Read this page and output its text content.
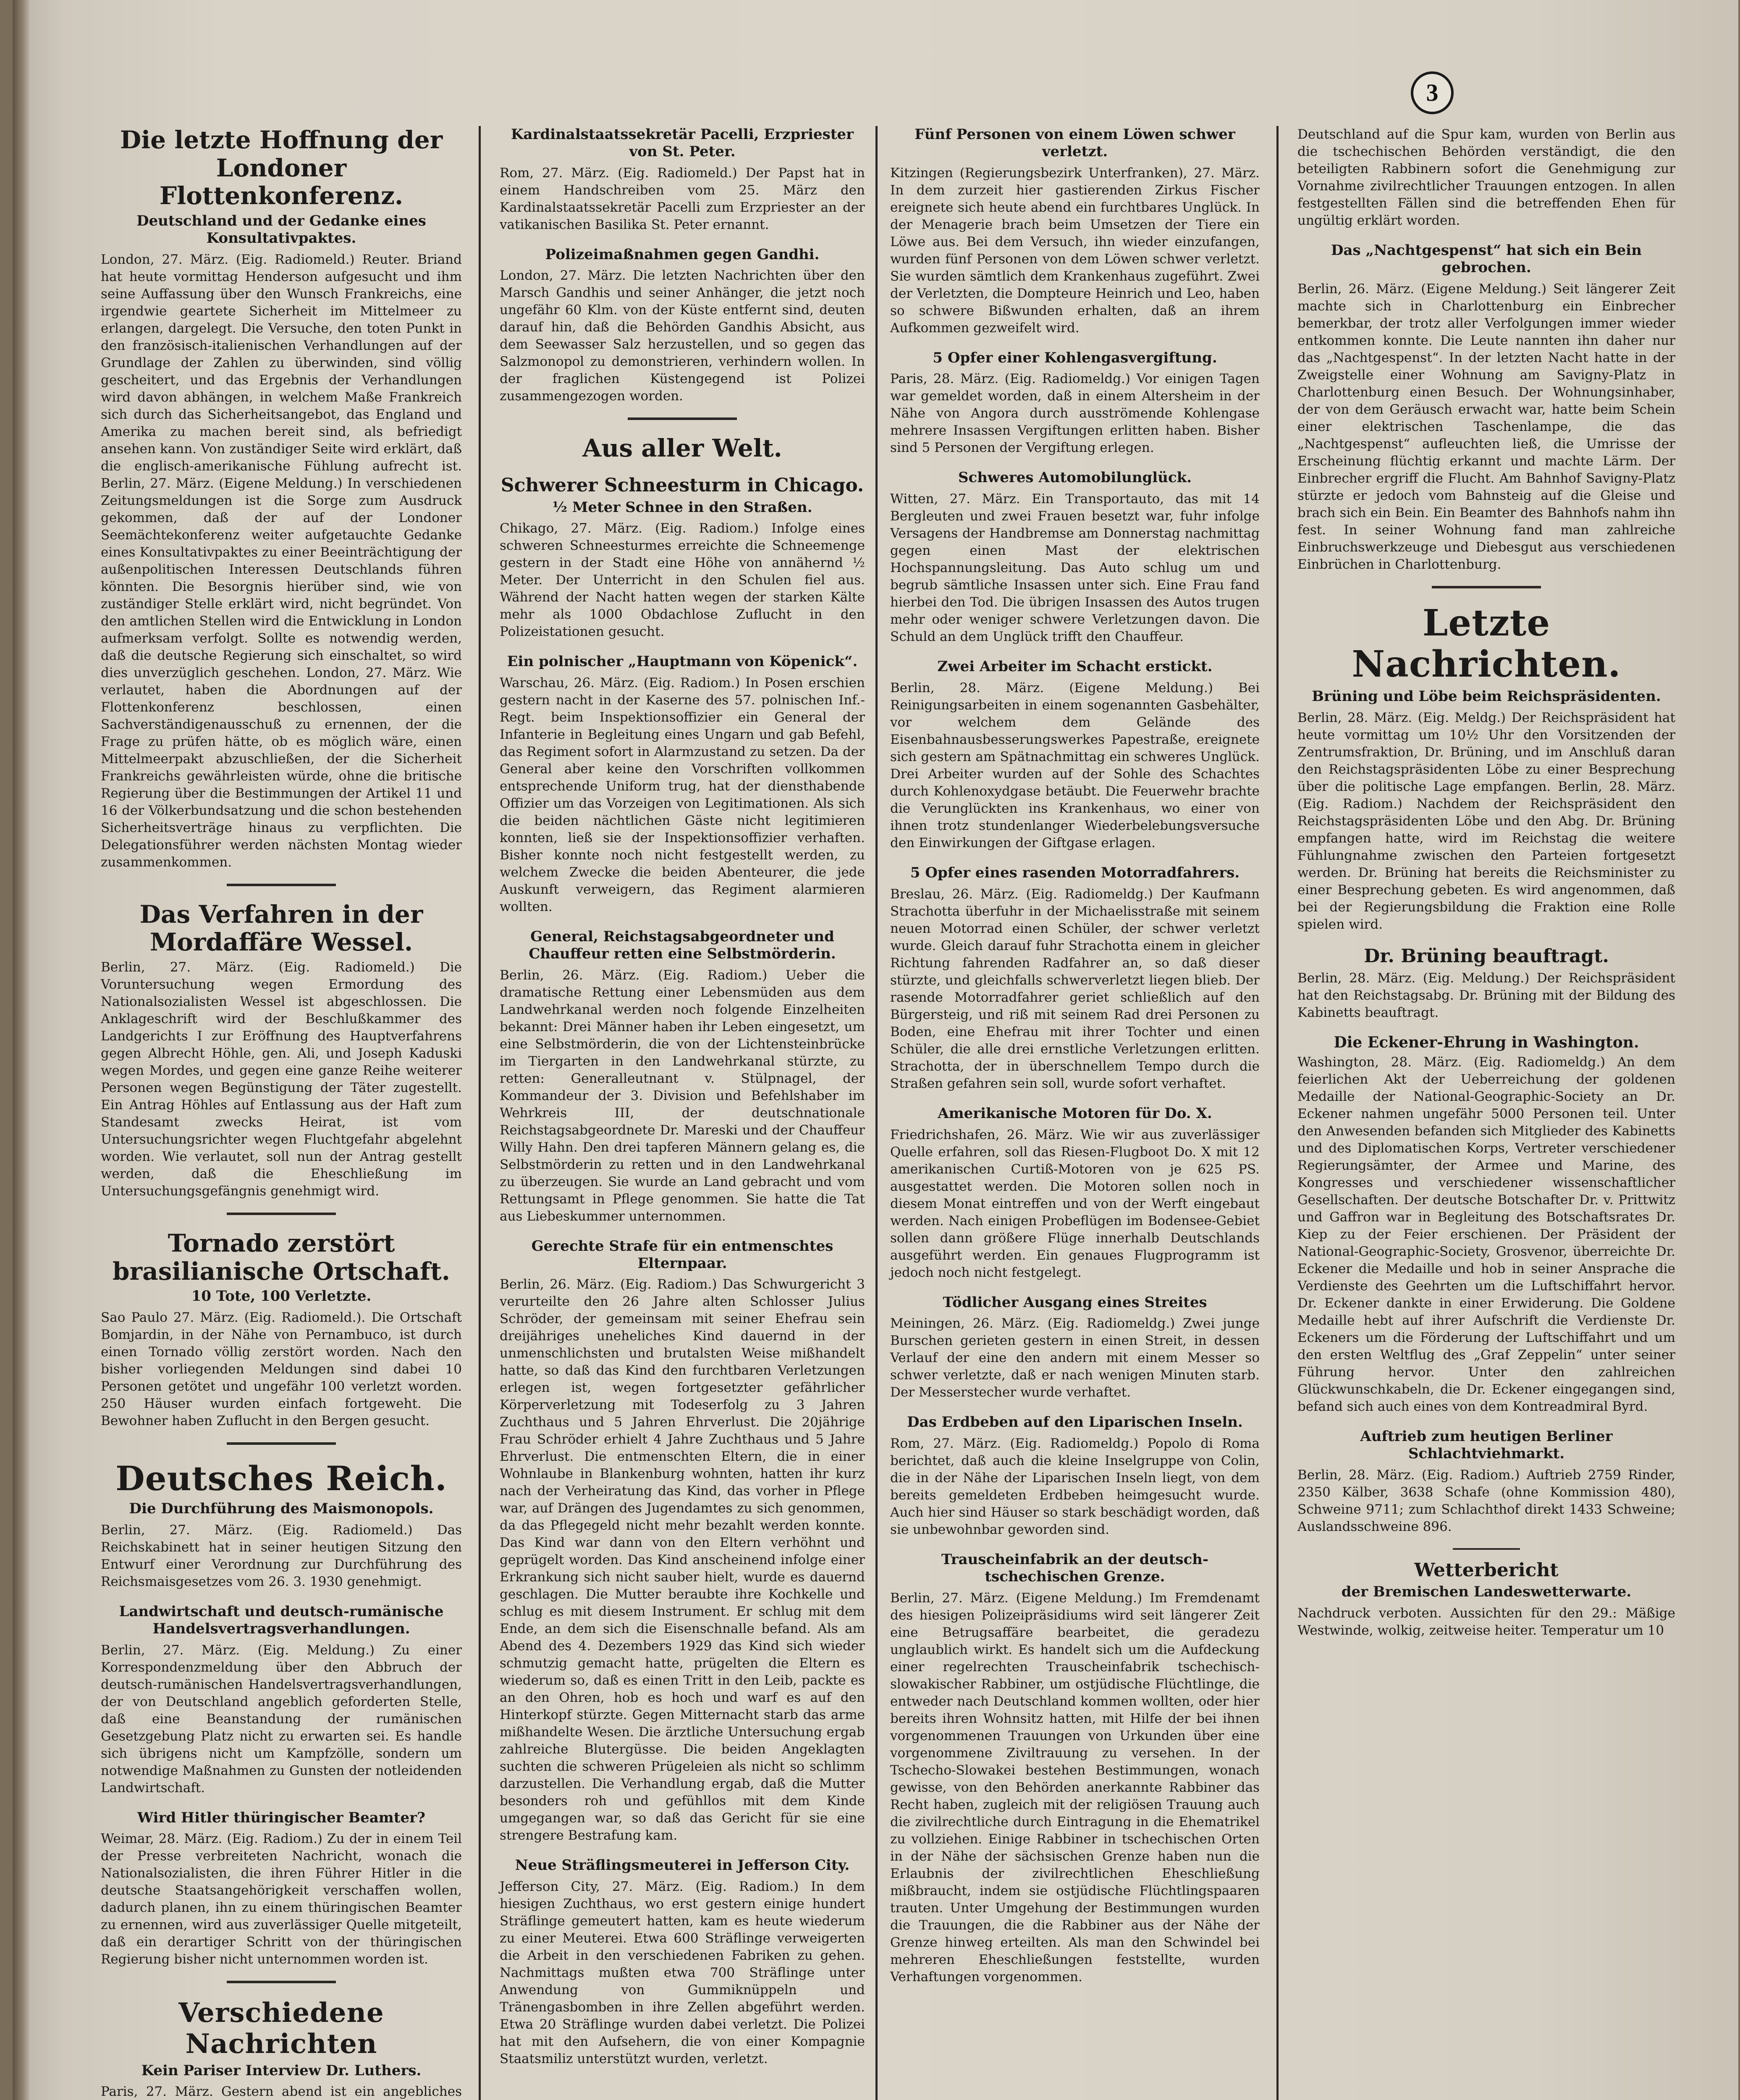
3
Die letzte Hoffnung der Londoner Flottenkonferenz.
Deutschland und der Gedanke eines Konsultativpaktes.

London, 27. März. (Eig. Radiomeld.) Reuter. Briand hat heute vormittag Henderson aufgesucht und ihm seine Auffassung über den Wunsch Frankreichs, eine irgendwie geartete Sicherheit im Mittelmeer zu erlangen, dargelegt. Die Versuche, den toten Punkt in den französisch-italienischen Verhandlungen auf der Grundlage der Zahlen zu überwinden, sind völlig gescheitert, und das Ergebnis der Verhandlungen wird davon abhängen, in welchem Maße Frankreich sich durch das Sicherheitsangebot, das England und Amerika zu machen bereit sind, als befriedigt ansehen kann. Von zuständiger Seite wird erklärt, daß die englisch-amerikanische Fühlung aufrecht ist. Berlin, 27. März. (Eigene Meldung.) In verschiedenen Zeitungsmeldungen ist die Sorge zum Ausdruck gekommen, daß der auf der Londoner Seemächtekonferenz weiter aufgetauchte Gedanke eines Konsultativpaktes zu einer Beeinträchtigung der außenpolitischen Interessen Deutschlands führen könnten. Die Besorgnis hierüber sind, wie von zuständiger Stelle erklärt wird, nicht begründet. Von den amtlichen Stellen wird die Entwicklung in London aufmerksam verfolgt. Sollte es notwendig werden, daß die deutsche Regierung sich einschaltet, so wird dies unverzüglich geschehen. London, 27. März. Wie verlautet, haben die Abordnungen auf der Flottenkonferenz beschlossen, einen Sachverständigenausschuß zu ernennen, der die Frage zu prüfen hätte, ob es möglich wäre, einen Mittelmeerpakt abzuschließen, der die Sicherheit Frankreichs gewährleisten würde, ohne die britische Regierung über die Bestimmungen der Artikel 11 und 16 der Völkerbundsatzung und die schon bestehenden Sicherheitsverträge hinaus zu verpflichten. Die Delegationsführer werden nächsten Montag wieder zusammenkommen.

Das Verfahren in der Mordaffäre Wessel.

Berlin, 27. März. (Eig. Radiomeld.) Die Voruntersuchung wegen Ermordung des Nationalsozialisten Wessel ist abgeschlossen. Die Anklageschrift wird der Beschlußkammer des Landgerichts I zur Eröffnung des Hauptverfahrens gegen Albrecht Höhle, gen. Ali, und Joseph Kaduski wegen Mordes, und gegen eine ganze Reihe weiterer Personen wegen Begünstigung der Täter zugestellt. Ein Antrag Höhles auf Entlassung aus der Haft zum Standesamt zwecks Heirat, ist vom Untersuchungsrichter wegen Fluchtgefahr abgelehnt worden. Wie verlautet, soll nun der Antrag gestellt werden, daß die Eheschließung im Untersuchungsgefängnis genehmigt wird.

Tornado zerstört brasilianische Ortschaft.
10 Tote, 100 Verletzte.

Sao Paulo 27. März. (Eig. Radiomeld.). Die Ortschaft Bomjardin, in der Nähe von Pernambuco, ist durch einen Tornado völlig zerstört worden. Nach den bisher vorliegenden Meldungen sind dabei 10 Personen getötet und ungefähr 100 verletzt worden. 250 Häuser wurden einfach fortgeweht. Die Bewohner haben Zuflucht in den Bergen gesucht.

Deutsches Reich.
Die Durchführung des Maismonopols.

Berlin, 27. März. (Eig. Radiomeld.) Das Reichskabinett hat in seiner heutigen Sitzung den Entwurf einer Verordnung zur Durchführung des Reichsmaisgesetzes vom 26. 3. 1930 genehmigt.

Landwirtschaft und deutsch-rumänische Handelsvertragsverhandlungen.

Berlin, 27. März. (Eig. Meldung.) Zu einer Korrespondenzmeldung über den Abbruch der deutsch-rumänischen Handelsvertragsverhandlungen, der von Deutschland angeblich geforderten Stelle, daß eine Beanstandung der rumänischen Gesetzgebung Platz nicht zu erwarten sei. Es handle sich übrigens nicht um Kampfzölle, sondern um notwendige Maßnahmen zu Gunsten der notleidenden Landwirtschaft.

Wird Hitler thüringischer Beamter?

Weimar, 28. März. (Eig. Radiom.) Zu der in einem Teil der Presse verbreiteten Nachricht, wonach die Nationalsozialisten, die ihren Führer Hitler in die deutsche Staatsangehörigkeit verschaffen wollen, dadurch planen, ihn zu einem thüringischen Beamter zu ernennen, wird aus zuverlässiger Quelle mitgeteilt, daß ein derartiger Schritt von der thüringischen Regierung bisher nicht unternommen worden ist.

Verschiedene Nachrichten
Kein Pariser Interview Dr. Luthers.

Paris, 27. März. Gestern abend ist ein angebliches

Kardinalstaatssekretär Pacelli, Erzpriester von St. Peter.

Rom, 27. März. (Eig. Radiomeld.) Der Papst hat in einem Handschreiben vom 25. März den Kardinalstaatssekretär Pacelli zum Erzpriester an der vatikanischen Basilika St. Peter ernannt.

Polizeimaßnahmen gegen Gandhi.

London, 27. März. Die letzten Nachrichten über den Marsch Gandhis und seiner Anhänger, die jetzt noch ungefähr 60 Klm. von der Küste entfernt sind, deuten darauf hin, daß die Behörden Gandhis Absicht, aus dem Seewasser Salz herzustellen, und so gegen das Salzmonopol zu demonstrieren, verhindern wollen. In der fraglichen Küstengegend ist Polizei zusammengezogen worden.

Aus aller Welt.
Schwerer Schneesturm in Chicago.
½ Meter Schnee in den Straßen.

Chikago, 27. März. (Eig. Radiom.) Infolge eines schweren Schneesturmes erreichte die Schneemenge gestern in der Stadt eine Höhe von annähernd ½ Meter. Der Unterricht in den Schulen fiel aus. Während der Nacht hatten wegen der starken Kälte mehr als 1000 Obdachlose Zuflucht in den Polizeistationen gesucht.

Ein polnischer „Hauptmann von Köpenick“.

Warschau, 26. März. (Eig. Radiom.) In Posen erschien gestern nacht in der Kaserne des 57. polnischen Inf.-Regt. beim Inspektionsoffizier ein General der Infanterie in Begleitung eines Ungarn und gab Befehl, das Regiment sofort in Alarmzustand zu setzen. Da der General aber keine den Vorschriften vollkommen entsprechende Uniform trug, hat der diensthabende Offizier um das Vorzeigen von Legitimationen. Als sich die beiden nächtlichen Gäste nicht legitimieren konnten, ließ sie der Inspektionsoffizier verhaften. Bisher konnte noch nicht festgestellt werden, zu welchem Zwecke die beiden Abenteurer, die jede Auskunft verweigern, das Regiment alarmieren wollten.

General, Reichstagsabgeordneter und Chauffeur retten eine Selbstmörderin.

Berlin, 26. März. (Eig. Radiom.) Ueber die dramatische Rettung einer Lebensmüden aus dem Landwehrkanal werden noch folgende Einzelheiten bekannt: Drei Männer haben ihr Leben eingesetzt, um eine Selbstmörderin, die von der Lichtensteinbrücke im Tiergarten in den Landwehrkanal stürzte, zu retten: Generalleutnant v. Stülpnagel, der Kommandeur der 3. Division und Befehlshaber im Wehrkreis III, der deutschnationale Reichstagsabgeordnete Dr. Mareski und der Chauffeur Willy Hahn. Den drei tapferen Männern gelang es, die Selbstmörderin zu retten und in den Landwehrkanal zu überzeugen. Sie wurde an Land gebracht und vom Rettungsamt in Pflege genommen. Sie hatte die Tat aus Liebeskummer unternommen.

Gerechte Strafe für ein entmenschtes Elternpaar.

Berlin, 26. März. (Eig. Radiom.) Das Schwurgericht 3 verurteilte den 26 Jahre alten Schlosser Julius Schröder, der gemeinsam mit seiner Ehefrau sein dreijähriges uneheliches Kind dauernd in der unmenschlichsten und brutalsten Weise mißhandelt hatte, so daß das Kind den furchtbaren Verletzungen erlegen ist, wegen fortgesetzter gefährlicher Körperverletzung mit Todeserfolg zu 3 Jahren Zuchthaus und 5 Jahren Ehrverlust. Die 20jährige Frau Schröder erhielt 4 Jahre Zuchthaus und 5 Jahre Ehrverlust. Die entmenschten Eltern, die in einer Wohnlaube in Blankenburg wohnten, hatten ihr kurz nach der Verheiratung das Kind, das vorher in Pflege war, auf Drängen des Jugendamtes zu sich genommen, da das Pflegegeld nicht mehr bezahlt werden konnte. Das Kind war dann von den Eltern verhöhnt und geprügelt worden. Das Kind anscheinend infolge einer Erkrankung sich nicht sauber hielt, wurde es dauernd geschlagen. Die Mutter beraubte ihre Kochkelle und schlug es mit diesem Instrument. Er schlug mit dem Ende, an dem sich die Eisenschnalle befand. Als am Abend des 4. Dezembers 1929 das Kind sich wieder schmutzig gemacht hatte, prügelten die Eltern es wiederum so, daß es einen Tritt in den Leib, packte es an den Ohren, hob es hoch und warf es auf den Hinterkopf stürzte. Gegen Mitternacht starb das arme mißhandelte Wesen. Die ärztliche Untersuchung ergab zahlreiche Blutergüsse. Die beiden Angeklagten suchten die schweren Prügeleien als nicht so schlimm darzustellen. Die Verhandlung ergab, daß die Mutter besonders roh und gefühllos mit dem Kinde umgegangen war, so daß das Gericht für sie eine strengere Bestrafung kam.

Neue Sträflingsmeuterei in Jefferson City.

Jefferson City, 27. März. (Eig. Radiom.) In dem hiesigen Zuchthaus, wo erst gestern einige hundert Sträflinge gemeutert hatten, kam es heute wiederum zu einer Meuterei. Etwa 600 Sträflinge verweigerten die Arbeit in den verschiedenen Fabriken zu gehen. Nachmittags mußten etwa 700 Sträflinge unter Anwendung von Gummiknüppeln und Tränengasbomben in ihre Zellen abgeführt werden. Etwa 20 Sträflinge wurden dabei verletzt. Die Polizei hat mit den Aufsehern, die von einer Kompagnie Staatsmiliz unterstützt wurden, verletzt.

Fünf Personen von einem Löwen schwer verletzt.

Kitzingen (Regierungsbezirk Unterfranken), 27. März. In dem zurzeit hier gastierenden Zirkus Fischer ereignete sich heute abend ein furchtbares Unglück. In der Menagerie brach beim Umsetzen der Tiere ein Löwe aus. Bei dem Versuch, ihn wieder einzufangen, wurden fünf Personen von dem Löwen schwer verletzt. Sie wurden sämtlich dem Krankenhaus zugeführt. Zwei der Verletzten, die Dompteure Heinrich und Leo, haben so schwere Bißwunden erhalten, daß an ihrem Aufkommen gezweifelt wird.

5 Opfer einer Kohlengasvergiftung.

Paris, 28. März. (Eig. Radiomeldg.) Vor einigen Tagen war gemeldet worden, daß in einem Altersheim in der Nähe von Angora durch ausströmende Kohlengase mehrere Insassen Vergiftungen erlitten haben. Bisher sind 5 Personen der Vergiftung erlegen.

Schweres Automobilunglück.

Witten, 27. März. Ein Transportauto, das mit 14 Bergleuten und zwei Frauen besetzt war, fuhr infolge Versagens der Handbremse am Donnerstag nachmittag gegen einen Mast der elektrischen Hochspannungsleitung. Das Auto schlug um und begrub sämtliche Insassen unter sich. Eine Frau fand hierbei den Tod. Die übrigen Insassen des Autos trugen mehr oder weniger schwere Verletzungen davon. Die Schuld an dem Unglück trifft den Chauffeur.

Zwei Arbeiter im Schacht erstickt.

Berlin, 28. März. (Eigene Meldung.) Bei Reinigungsarbeiten in einem sogenannten Gasbehälter, vor welchem dem Gelände des Eisenbahnausbesserungswerkes Papestraße, ereignete sich gestern am Spätnachmittag ein schweres Unglück. Drei Arbeiter wurden auf der Sohle des Schachtes durch Kohlenoxydgase betäubt. Die Feuerwehr brachte die Verunglückten ins Krankenhaus, wo einer von ihnen trotz stundenlanger Wiederbelebungsversuche den Einwirkungen der Giftgase erlagen.

5 Opfer eines rasenden Motorradfahrers.

Breslau, 26. März. (Eig. Radiomeldg.) Der Kaufmann Strachotta überfuhr in der Michaelisstraße mit seinem neuen Motorrad einen Schüler, der schwer verletzt wurde. Gleich darauf fuhr Strachotta einem in gleicher Richtung fahrenden Radfahrer an, so daß dieser stürzte, und gleichfalls schwerverletzt liegen blieb. Der rasende Motorradfahrer geriet schließlich auf den Bürgersteig, und riß mit seinem Rad drei Personen zu Boden, eine Ehefrau mit ihrer Tochter und einen Schüler, die alle drei ernstliche Verletzungen erlitten. Strachotta, der in überschnellem Tempo durch die Straßen gefahren sein soll, wurde sofort verhaftet.

Amerikanische Motoren für Do. X.

Friedrichshafen, 26. März. Wie wir aus zuverlässiger Quelle erfahren, soll das Riesen-Flugboot Do. X mit 12 amerikanischen Curtiß-Motoren von je 625 PS. ausgestattet werden. Die Motoren sollen noch in diesem Monat eintreffen und von der Werft eingebaut werden. Nach einigen Probeflügen im Bodensee-Gebiet sollen dann größere Flüge innerhalb Deutschlands ausgeführt werden. Ein genaues Flugprogramm ist jedoch noch nicht festgelegt.

Tödlicher Ausgang eines Streites

Meiningen, 26. März. (Eig. Radiomeldg.) Zwei junge Burschen gerieten gestern in einen Streit, in dessen Verlauf der eine den andern mit einem Messer so schwer verletzte, daß er nach wenigen Minuten starb. Der Messerstecher wurde verhaftet.

Das Erdbeben auf den Liparischen Inseln.

Rom, 27. März. (Eig. Radiomeldg.) Popolo di Roma berichtet, daß auch die kleine Inselgruppe von Colin, die in der Nähe der Liparischen Inseln liegt, von dem bereits gemeldeten Erdbeben heimgesucht wurde. Auch hier sind Häuser so stark beschädigt worden, daß sie unbewohnbar geworden sind.

Trauscheinfabrik an der deutsch-tschechischen Grenze.

Berlin, 27. März. (Eigene Meldung.) Im Fremdenamt des hiesigen Polizeipräsidiums wird seit längerer Zeit eine Betrugsaffäre bearbeitet, die geradezu unglaublich wirkt. Es handelt sich um die Aufdeckung einer regelrechten Trauscheinfabrik tschechisch-slowakischer Rabbiner, um ostjüdische Flüchtlinge, die entweder nach Deutschland kommen wollten, oder hier bereits ihren Wohnsitz hatten, mit Hilfe der bei ihnen vorgenommenen Trauungen von Urkunden über eine vorgenommene Ziviltrauung zu versehen. In der Tschecho-Slowakei bestehen Bestimmungen, wonach gewisse, von den Behörden anerkannte Rabbiner das Recht haben, zugleich mit der religiösen Trauung auch die zivilrechtliche durch Eintragung in die Ehematrikel zu vollziehen. Einige Rabbiner in tschechischen Orten in der Nähe der sächsischen Grenze haben nun die Erlaubnis der zivilrechtlichen Eheschließung mißbraucht, indem sie ostjüdische Flüchtlingspaaren trauten. Unter Umgehung der Bestimmungen wurden die Trauungen, die die Rabbiner aus der Nähe der Grenze hinweg erteilten. Als man den Schwindel bei mehreren Eheschließungen feststellte, wurden Verhaftungen vorgenommen.

Deutschland auf die Spur kam, wurden von Berlin aus die tschechischen Behörden verständigt, die den beteiligten Rabbinern sofort die Genehmigung zur Vornahme zivilrechtlicher Trauungen entzogen. In allen festgestellten Fällen sind die betreffenden Ehen für ungültig erklärt worden.

Das „Nachtgespenst“ hat sich ein Bein gebrochen.

Berlin, 26. März. (Eigene Meldung.) Seit längerer Zeit machte sich in Charlottenburg ein Einbrecher bemerkbar, der trotz aller Verfolgungen immer wieder entkommen konnte. Die Leute nannten ihn daher nur das „Nachtgespenst“. In der letzten Nacht hatte in der Zweigstelle einer Wohnung am Savigny-Platz in Charlottenburg einen Besuch. Der Wohnungsinhaber, der von dem Geräusch erwacht war, hatte beim Schein einer elektrischen Taschenlampe, die das „Nachtgespenst“ aufleuchten ließ, die Umrisse der Erscheinung flüchtig erkannt und machte Lärm. Der Einbrecher ergriff die Flucht. Am Bahnhof Savigny-Platz stürzte er jedoch vom Bahnsteig auf die Gleise und brach sich ein Bein. Ein Beamter des Bahnhofs nahm ihn fest. In seiner Wohnung fand man zahlreiche Einbruchswerkzeuge und Diebesgut aus verschiedenen Einbrüchen in Charlottenburg.

Letzte Nachrichten.
Brüning und Löbe beim Reichspräsidenten.

Berlin, 28. März. (Eig. Meldg.) Der Reichspräsident hat heute vormittag um 10½ Uhr den Vorsitzenden der Zentrumsfraktion, Dr. Brüning, und im Anschluß daran den Reichstagspräsidenten Löbe zu einer Besprechung über die politische Lage empfangen. Berlin, 28. März. (Eig. Radiom.) Nachdem der Reichspräsident den Reichstagspräsidenten Löbe und den Abg. Dr. Brüning empfangen hatte, wird im Reichstag die weitere Fühlungnahme zwischen den Parteien fortgesetzt werden. Dr. Brüning hat bereits die Reichsminister zu einer Besprechung gebeten. Es wird angenommen, daß bei der Regierungsbildung die Fraktion eine Rolle spielen wird.

Dr. Brüning beauftragt.

Berlin, 28. März. (Eig. Meldung.) Der Reichspräsident hat den Reichstagsabg. Dr. Brüning mit der Bildung des Kabinetts beauftragt.

Die Eckener-Ehrung in Washington.

Washington, 28. März. (Eig. Radiomeldg.) An dem feierlichen Akt der Ueberreichung der goldenen Medaille der National-Geographic-Society an Dr. Eckener nahmen ungefähr 5000 Personen teil. Unter den Anwesenden befanden sich Mitglieder des Kabinetts und des Diplomatischen Korps, Vertreter verschiedener Regierungsämter, der Armee und Marine, des Kongresses und verschiedener wissenschaftlicher Gesellschaften. Der deutsche Botschafter Dr. v. Prittwitz und Gaffron war in Begleitung des Botschaftsrates Dr. Kiep zu der Feier erschienen. Der Präsident der National-Geographic-Society, Grosvenor, überreichte Dr. Eckener die Medaille und hob in seiner Ansprache die Verdienste des Geehrten um die Luftschiffahrt hervor. Dr. Eckener dankte in einer Erwiderung. Die Goldene Medaille hebt auf ihrer Aufschrift die Verdienste Dr. Eckeners um die Förderung der Luftschiffahrt und um den ersten Weltflug des „Graf Zeppelin“ unter seiner Führung hervor. Unter den zahlreichen Glückwunschkabeln, die Dr. Eckener eingegangen sind, befand sich auch eines von dem Kontreadmiral Byrd.

Auftrieb zum heutigen Berliner Schlachtviehmarkt.

Berlin, 28. März. (Eig. Radiom.) Auftrieb 2759 Rinder, 2350 Kälber, 3638 Schafe (ohne Kommission 480), Schweine 9711; zum Schlachthof direkt 1433 Schweine; Auslandsschweine 896.

Wetterbericht
der Bremischen Landeswetterwarte.

Nachdruck verboten. Aussichten für den 29.: Mäßige Westwinde, wolkig, zeitweise heiter. Temperatur um 10
